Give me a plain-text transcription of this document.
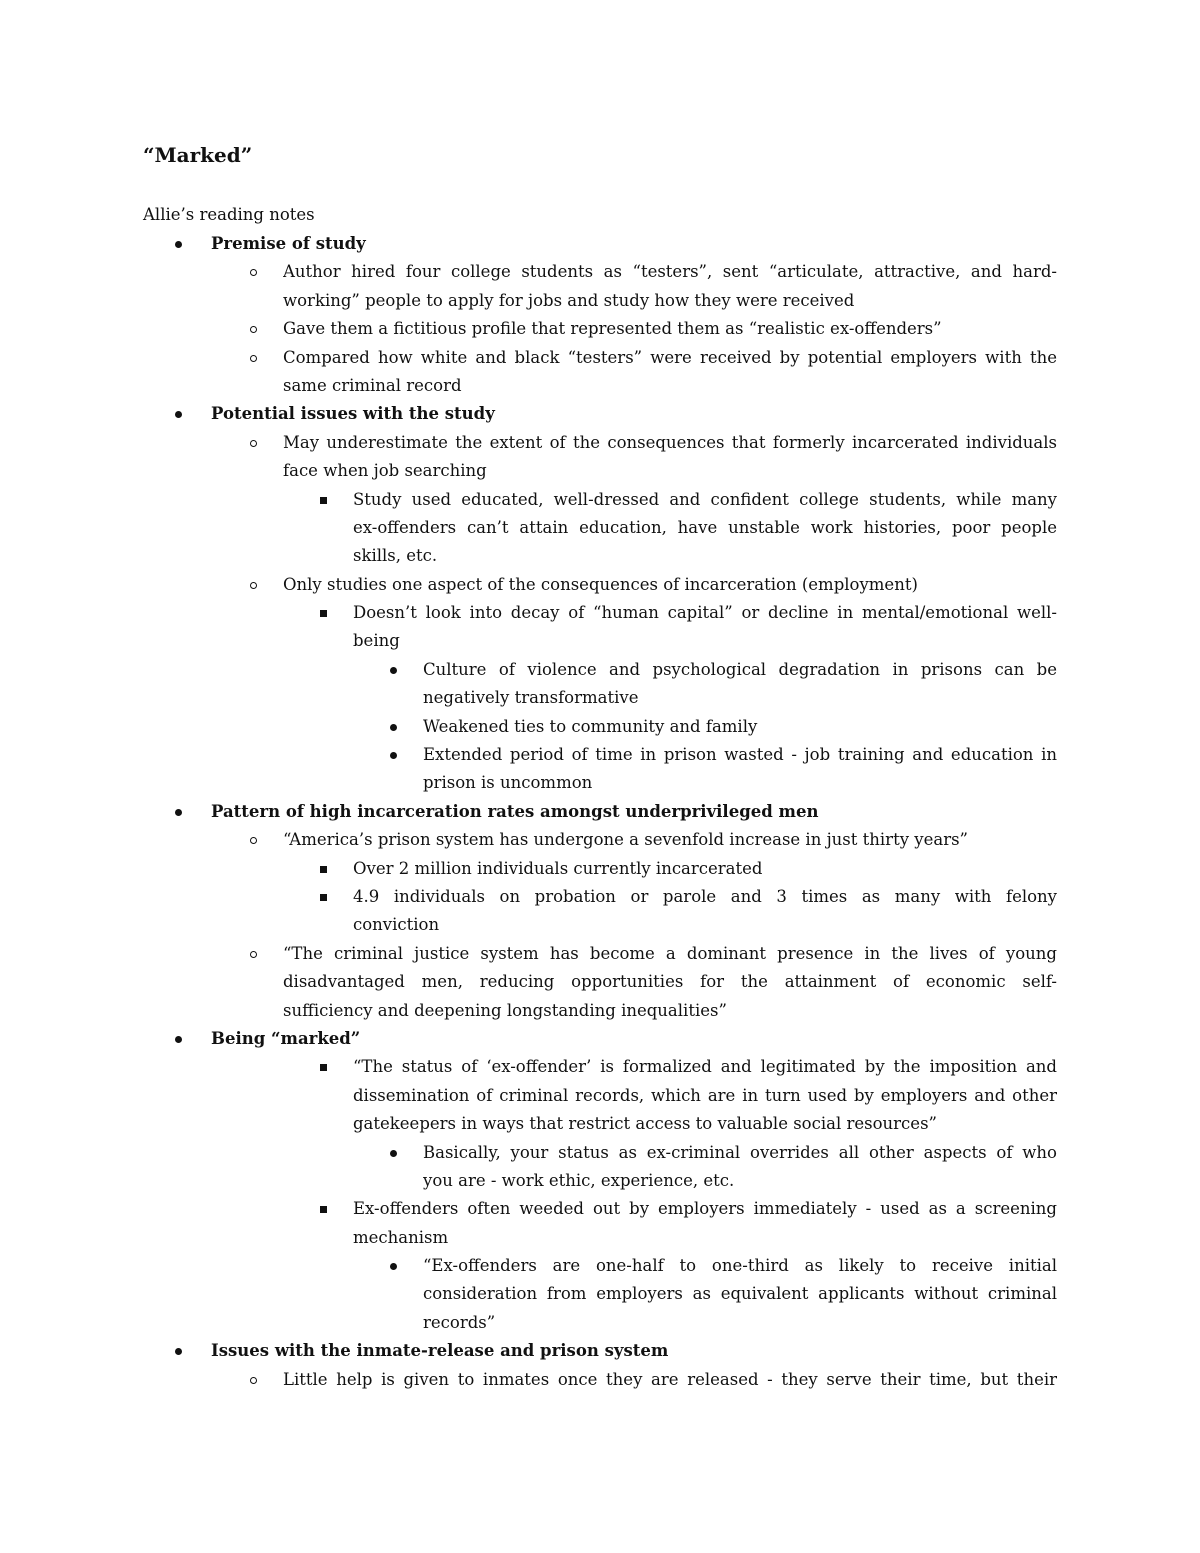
“Marked”
Allie’s reading notes
Premise of study
Author hired four college students as “testers”, sent “articulate, attractive, and hard-
working” people to apply for jobs and study how they were received
Gave them a fictitious profile that represented them as “realistic ex-offenders”
Compared how white and black “testers” were received by potential employers with the
same criminal record
Potential issues with the study
May underestimate the extent of the consequences that formerly incarcerated individuals
face when job searching
Study used educated, well-dressed and confident college students, while many
ex-offenders can’t attain education, have unstable work histories, poor people
skills, etc.
Only studies one aspect of the consequences of incarceration (employment)
Doesn’t look into decay of “human capital” or decline in mental/emotional well-
being
Culture of violence and psychological degradation in prisons can be
negatively transformative
Weakened ties to community and family
Extended period of time in prison wasted - job training and education in
prison is uncommon
Pattern of high incarceration rates amongst underprivileged men
“America’s prison system has undergone a sevenfold increase in just thirty years”
Over 2 million individuals currently incarcerated
4.9 individuals on probation or parole and 3 times as many with felony
conviction
“The criminal justice system has become a dominant presence in the lives of young
disadvantaged men, reducing opportunities for the attainment of economic self-
sufficiency and deepening longstanding inequalities”
Being “marked”
“The status of ‘ex-offender’ is formalized and legitimated by the imposition and
dissemination of criminal records, which are in turn used by employers and other
gatekeepers in ways that restrict access to valuable social resources”
Basically, your status as ex-criminal overrides all other aspects of who
you are - work ethic, experience, etc.
Ex-offenders often weeded out by employers immediately - used as a screening
mechanism
“Ex-offenders are one-half to one-third as likely to receive initial
consideration from employers as equivalent applicants without criminal
records”
Issues with the inmate-release and prison system
Little help is given to inmates once they are released - they serve their time, but their
